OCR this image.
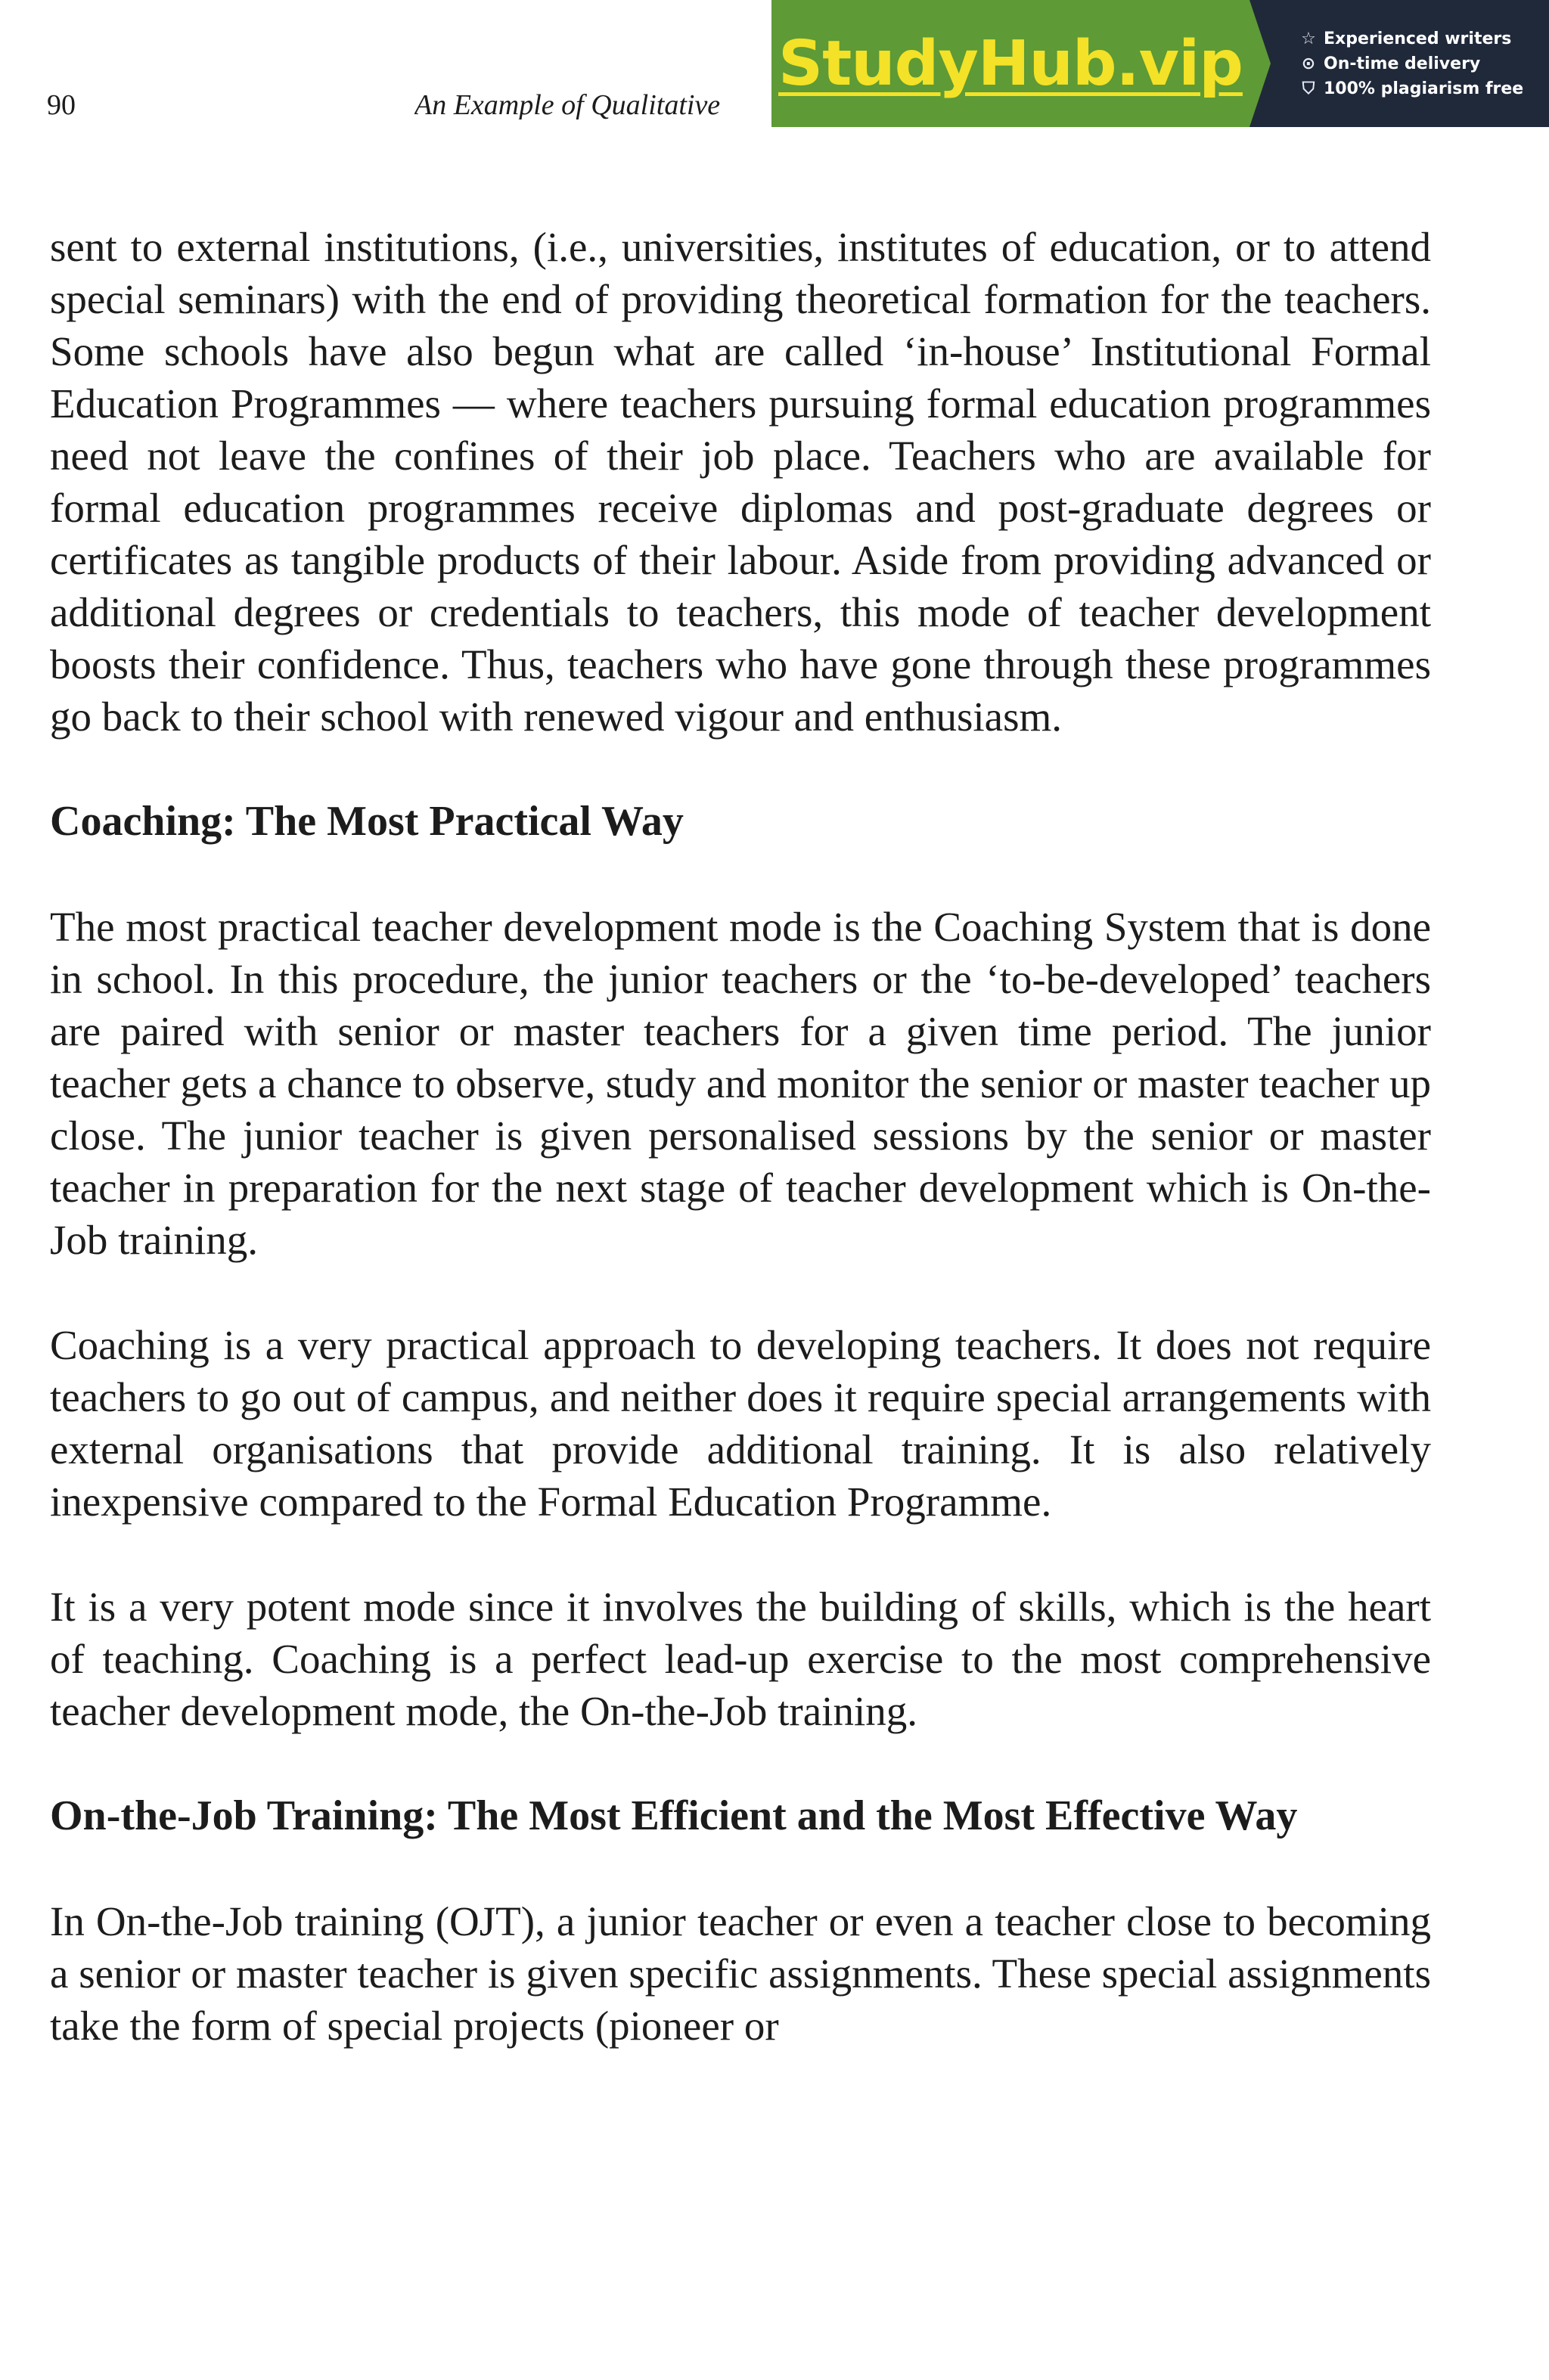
90	An Example of Qualitative
StudyHub.vip	☆ Experienced writers
⊙ On-time delivery
⛉ 100% plagiarism free

sent to external institutions, (i.e., universities, institutes of education, or to attend special seminars) with the end of providing theoretical formation for the teachers. Some schools have also begun what are called ‘in-house’ Institutional Formal Education Programmes — where teachers pursuing formal education programmes need not leave the confines of their job place. Teachers who are available for formal education programmes receive diplomas and post-graduate degrees or certificates as tangible products of their labour. Aside from providing advanced or additional degrees or credentials to teachers, this mode of teacher development boosts their confidence. Thus, teachers who have gone through these programmes go back to their school with renewed vigour and enthusiasm.

Coaching: The Most Practical Way

The most practical teacher development mode is the Coaching System that is done in school. In this procedure, the junior teachers or the ‘to-be-developed’ teachers are paired with senior or master teachers for a given time period. The junior teacher gets a chance to observe, study and monitor the senior or master teacher up close. The junior teacher is given personalised sessions by the senior or master teacher in preparation for the next stage of teacher development which is On-the-Job training.

Coaching is a very practical approach to developing teachers. It does not require teachers to go out of campus, and neither does it require special arrangements with external organisations that provide additional training. It is also relatively inexpensive compared to the Formal Education Programme.

It is a very potent mode since it involves the building of skills, which is the heart of teaching. Coaching is a perfect lead-up exercise to the most comprehensive teacher development mode, the On-the-Job training.

On-the-Job Training: The Most Efficient and the Most Effective Way

In On-the-Job training (OJT), a junior teacher or even a teacher close to becoming a senior or master teacher is given specific assignments. These special assignments take the form of special projects (pioneer or
